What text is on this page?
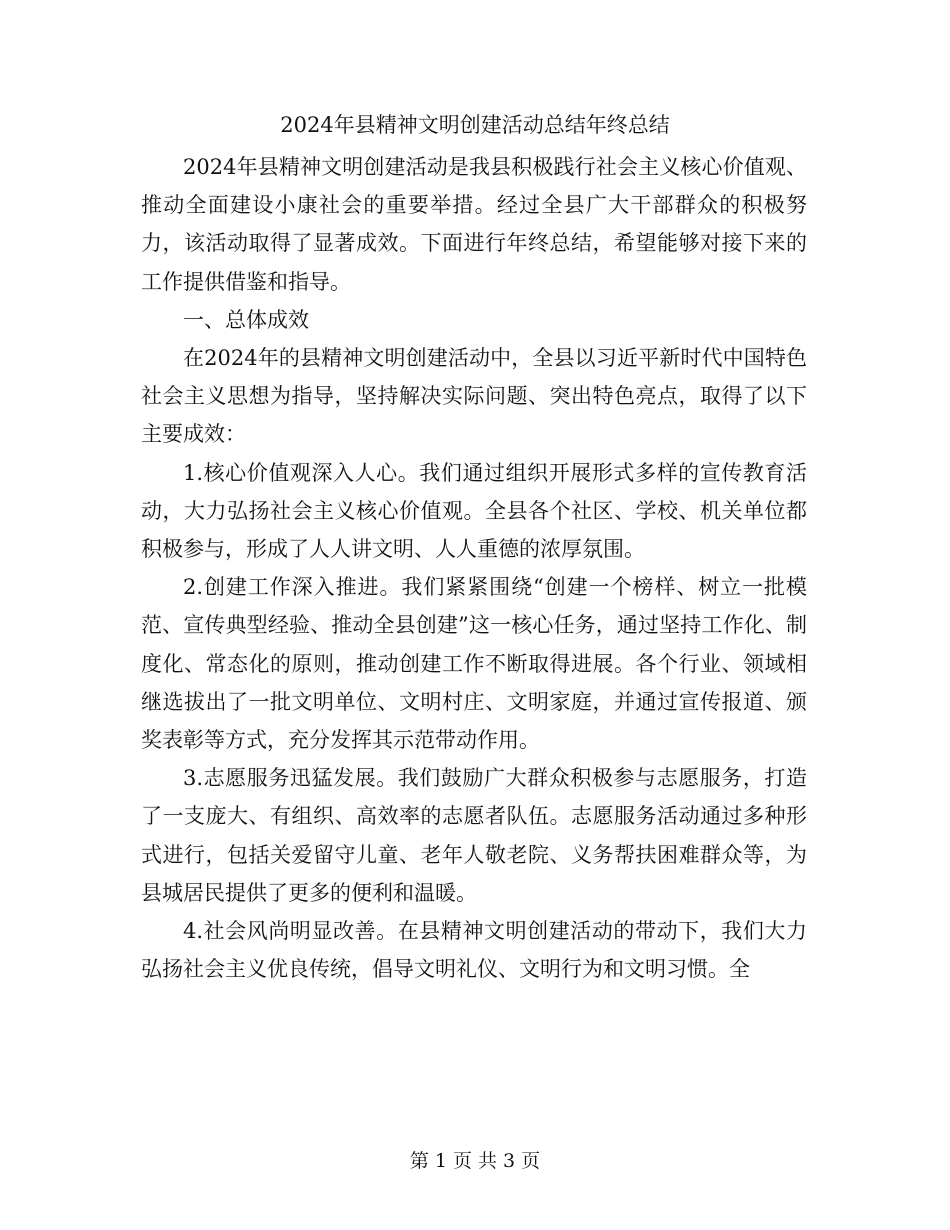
2024年县精神文明创建活动总结年终总结

2024年县精神文明创建活动是我县积极践行社会主义核心价值观、推动全面建设小康社会的重要举措。经过全县广大干部群众的积极努力，该活动取得了显著成效。下面进行年终总结，希望能够对接下来的工作提供借鉴和指导。

一、总体成效

在2024年的县精神文明创建活动中，全县以习近平新时代中国特色社会主义思想为指导，坚持解决实际问题、突出特色亮点，取得了以下主要成效：

1.核心价值观深入人心。我们通过组织开展形式多样的宣传教育活动，大力弘扬社会主义核心价值观。全县各个社区、学校、机关单位都积极参与，形成了人人讲文明、人人重德的浓厚氛围。

2.创建工作深入推进。我们紧紧围绕“创建一个榜样、树立一批模范、宣传典型经验、推动全县创建”这一核心任务，通过坚持工作化、制度化、常态化的原则，推动创建工作不断取得进展。各个行业、领域相继选拔出了一批文明单位、文明村庄、文明家庭，并通过宣传报道、颁奖表彰等方式，充分发挥其示范带动作用。

3.志愿服务迅猛发展。我们鼓励广大群众积极参与志愿服务，打造了一支庞大、有组织、高效率的志愿者队伍。志愿服务活动通过多种形式进行，包括关爱留守儿童、老年人敬老院、义务帮扶困难群众等，为县城居民提供了更多的便利和温暖。

4.社会风尚明显改善。在县精神文明创建活动的带动下，我们大力弘扬社会主义优良传统，倡导文明礼仪、文明行为和文明习惯。全

第 1 页 共 3 页
